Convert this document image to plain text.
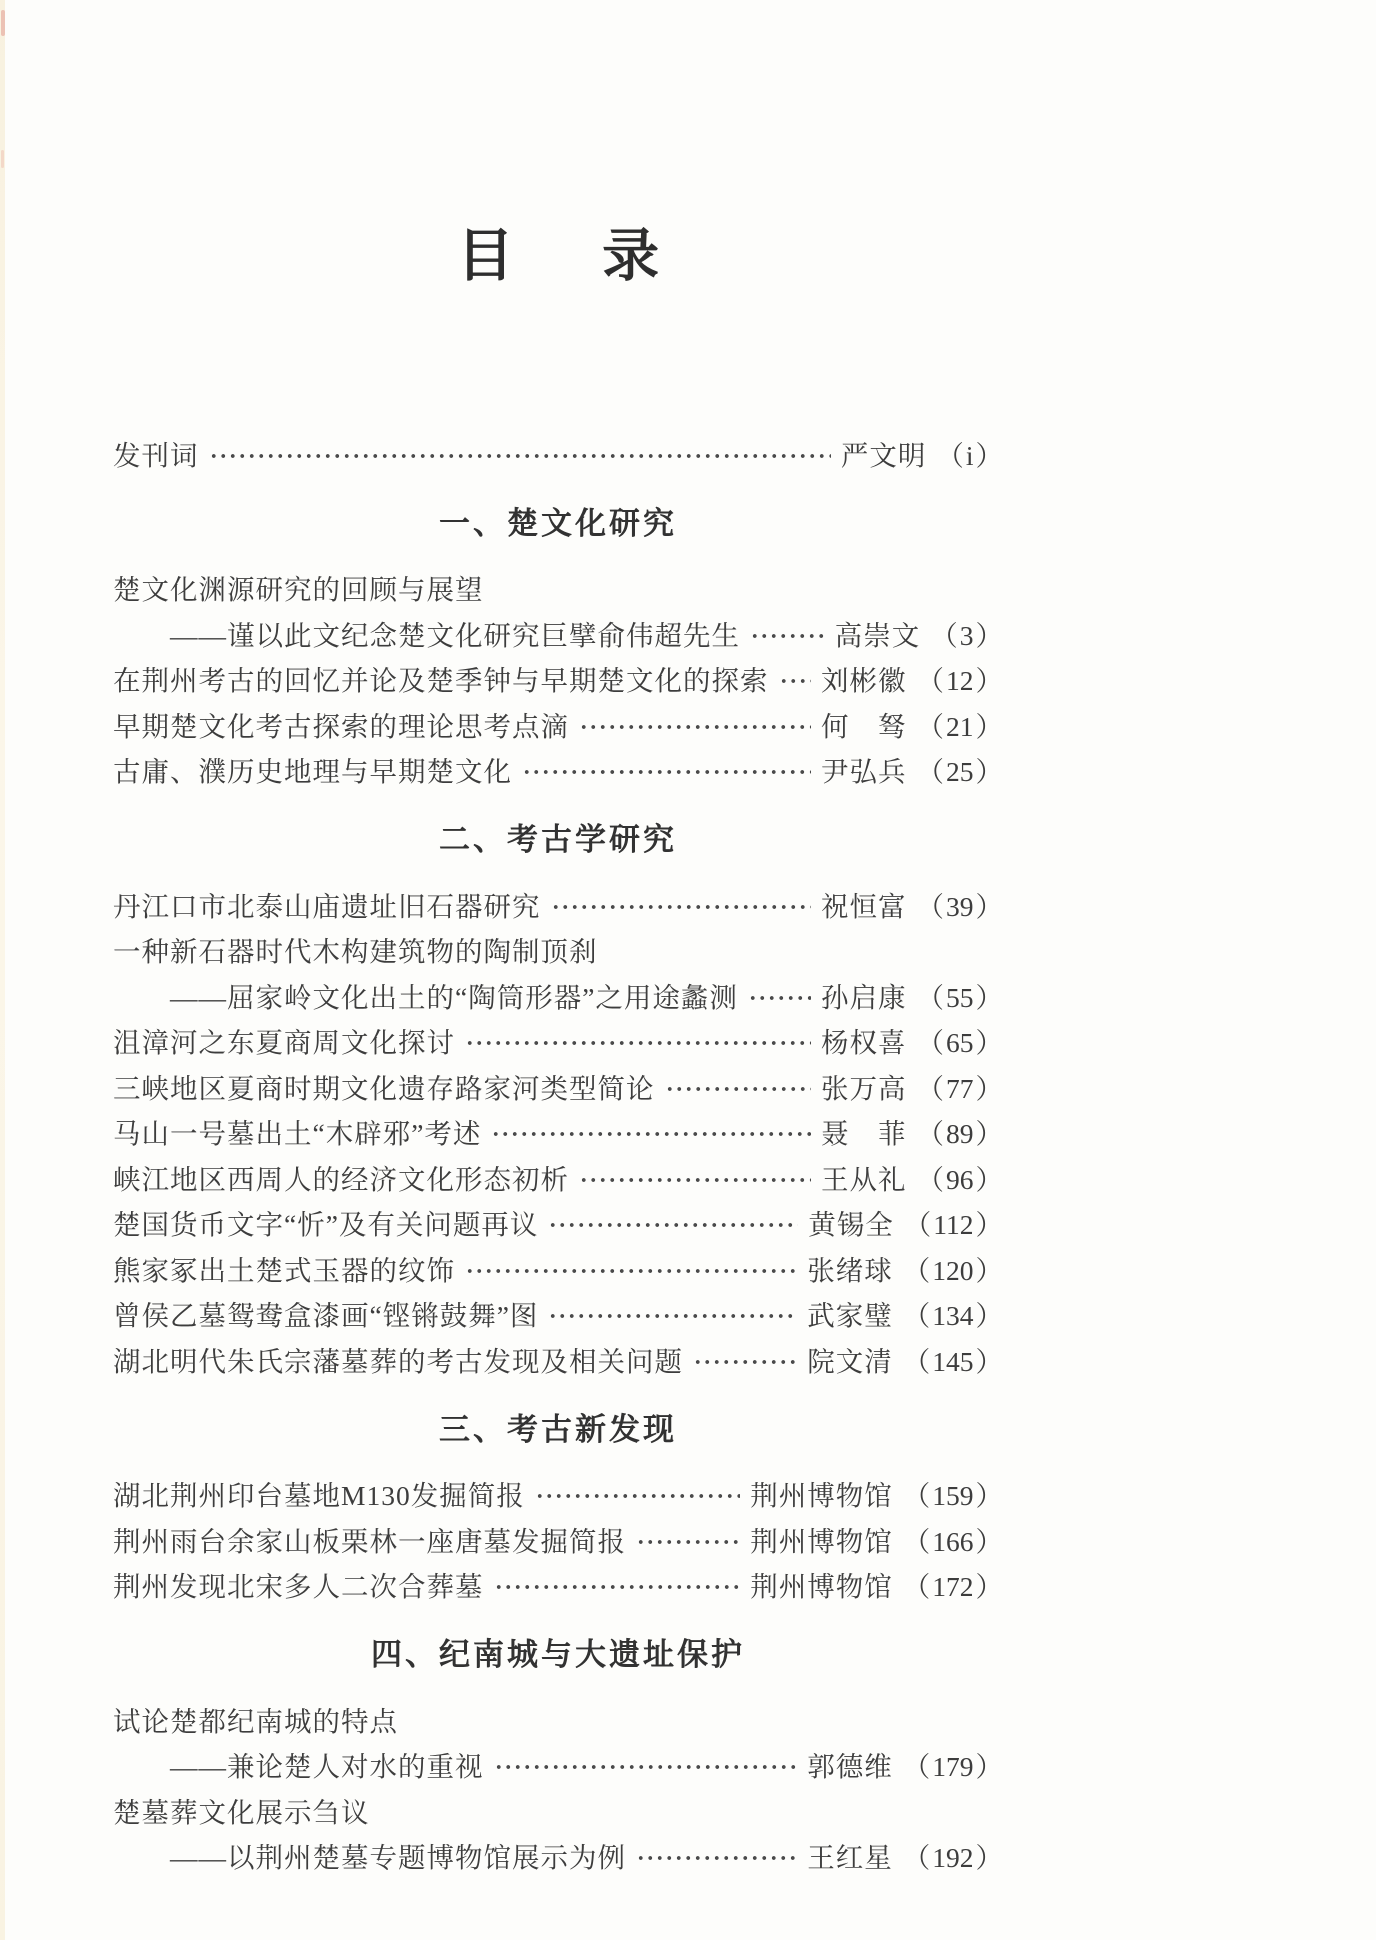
目录
发刊词	严文明 （i）
一、楚文化研究
楚文化渊源研究的回顾与展望
——谨以此文纪念楚文化研究巨擘俞伟超先生	高崇文 （3）
在荆州考古的回忆并论及楚季钟与早期楚文化的探索 刘彬徽 （12）
早期楚文化考古探索的理论思考点滴	何　驽 （21）
古庸、濮历史地理与早期楚文化	尹弘兵 （25）
二、考古学研究
丹江口市北泰山庙遗址旧石器研究	祝恒富 （39）
一种新石器时代木构建筑物的陶制顶刹
——屈家岭文化出土的“陶筒形器”之用途蠡测	孙启康 （55）
沮漳河之东夏商周文化探讨	杨权喜 （65）
三峡地区夏商时期文化遗存路家河类型简论	张万高 （77）
马山一号墓出土“木辟邪”考述	聂　菲 （89）
峡江地区西周人的经济文化形态初析	王从礼 （96）
楚国货币文字“忻”及有关问题再议	黄锡全 （112）
熊家冢出土楚式玉器的纹饰	张绪球 （120）
曾侯乙墓鸳鸯盒漆画“铿锵鼓舞”图	武家璧 （134）
湖北明代朱氏宗藩墓葬的考古发现及相关问题	院文清 （145）
三、考古新发现
湖北荆州印台墓地M130发掘简报	荆州博物馆 （159）
荆州雨台余家山板栗林一座唐墓发掘简报	荆州博物馆 （166）
荆州发现北宋多人二次合葬墓	荆州博物馆 （172）
四、纪南城与大遗址保护
试论楚都纪南城的特点
——兼论楚人对水的重视	郭德维 （179）
楚墓葬文化展示刍议
——以荆州楚墓专题博物馆展示为例	王红星 （192）
